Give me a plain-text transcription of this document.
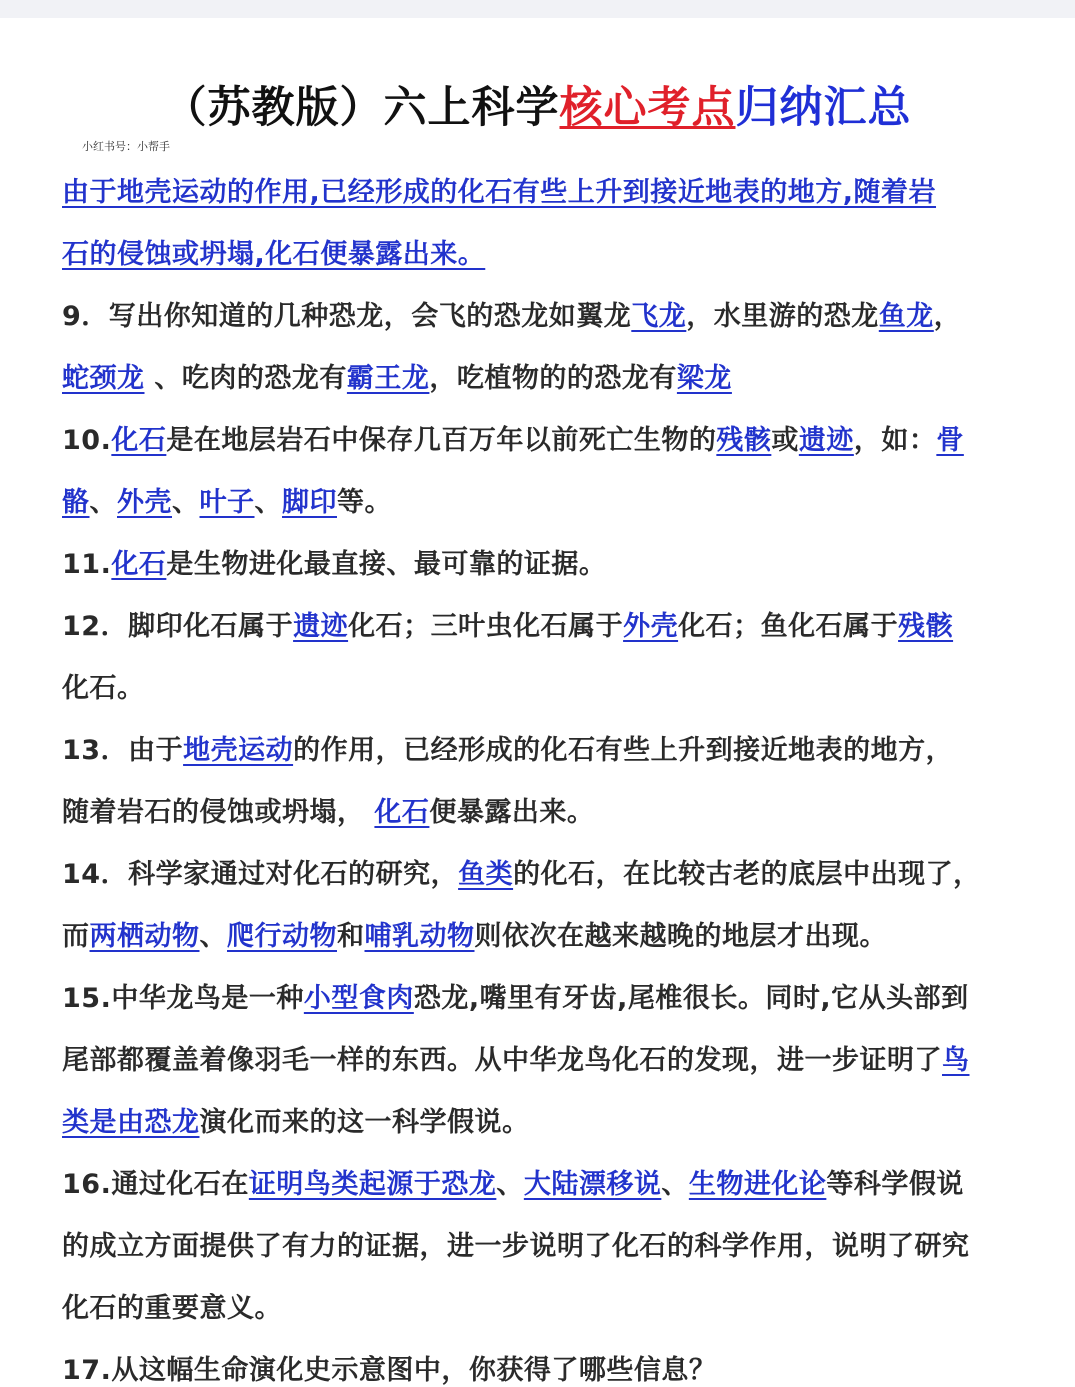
（苏教版）六上科学核心考点归纳汇总
小红书号：小帮手
由于地壳运动的作用,已经形成的化石有些上升到接近地表的地方,随着岩
石的侵蚀或坍塌,化石便暴露出来。
9．写出你知道的几种恐龙，会飞的恐龙如翼龙飞龙，水里游的恐龙鱼龙，
蛇颈龙 、吃肉的恐龙有霸王龙，吃植物的的恐龙有梁龙
10.化石是在地层岩石中保存几百万年以前死亡生物的残骸或遗迹，如：骨
骼、外壳、叶子、脚印等。
11.化石是生物进化最直接、最可靠的证据。
12．脚印化石属于遗迹化石；三叶虫化石属于外壳化石；鱼化石属于残骸
化石。
13．由于地壳运动的作用，已经形成的化石有些上升到接近地表的地方，
随着岩石的侵蚀或坍塌， 化石便暴露出来。
14．科学家通过对化石的研究，鱼类的化石，在比较古老的底层中出现了，
而两栖动物、爬行动物和哺乳动物则依次在越来越晚的地层才出现。
15.中华龙鸟是一种小型食肉恐龙,嘴里有牙齿,尾椎很长。同时,它从头部到
尾部都覆盖着像羽毛一样的东西。从中华龙鸟化石的发现，进一步证明了鸟
类是由恐龙演化而来的这一科学假说。
16.通过化石在证明鸟类起源于恐龙、大陆漂移说、生物进化论等科学假说
的成立方面提供了有力的证据，进一步说明了化石的科学作用，说明了研究
化石的重要意义。
17.从这幅生命演化史示意图中，你获得了哪些信息？
